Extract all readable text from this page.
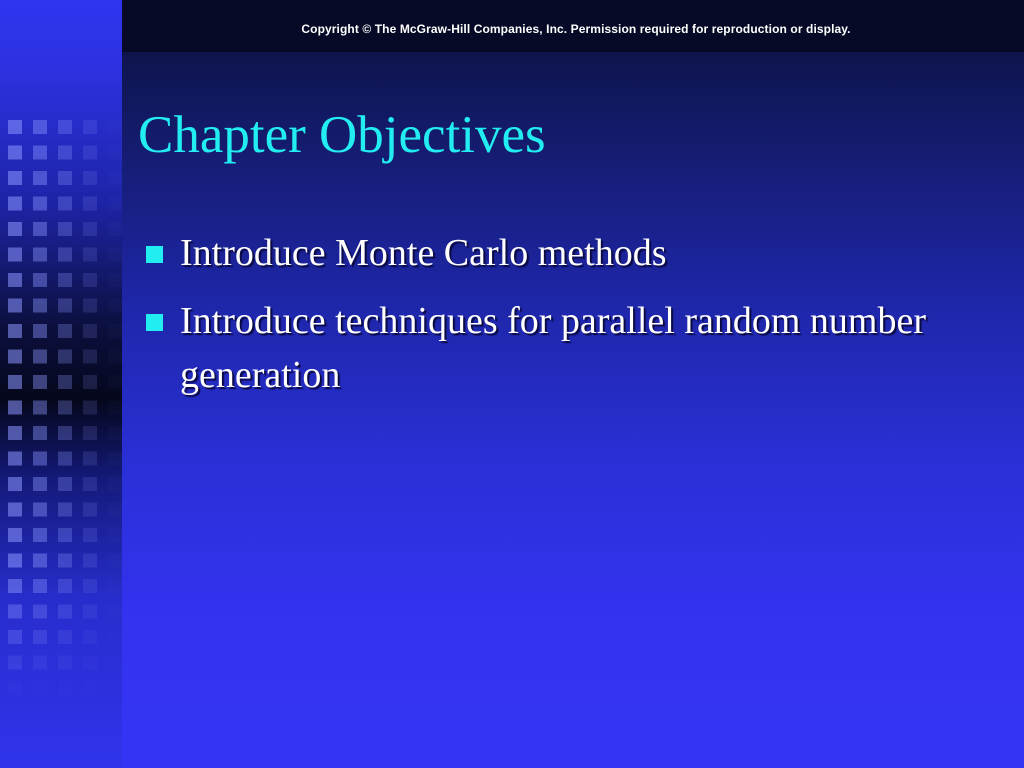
Copyright © The McGraw-Hill Companies, Inc. Permission required for reproduction or display.
Chapter Objectives
Introduce Monte Carlo methods
Introduce techniques for parallel random number generation
